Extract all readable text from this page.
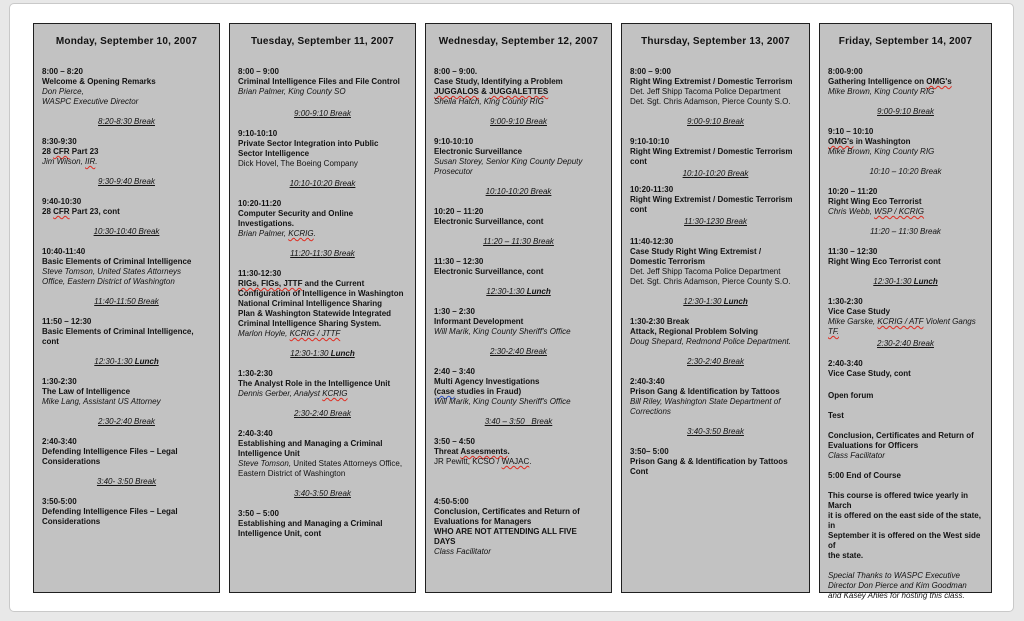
Monday, September 10, 2007
8:00 – 8:20
Welcome & Opening Remarks
Don Pierce,
WASPC Executive Director
8:20-8:30 Break
8:30-9:30
28 CFR Part 23
Jim Wilson, IIR.
9:30-9:40 Break
9:40-10:30
28 CFR Part 23, cont
10:30-10:40 Break
10:40-11:40
Basic Elements of Criminal Intelligence
Steve Tomson, United States Attorneys
Office, Eastern District of Washington
11:40-11:50 Break
11:50 – 12:30
Basic Elements of Criminal Intelligence,
cont
12:30-1:30 Lunch
1:30-2:30
The Law of Intelligence
Mike Lang, Assistant US Attorney
2:30-2:40 Break
2:40-3:40
Defending Intelligence Files – Legal
Considerations
3:40- 3:50 Break
3:50-5:00
Defending Intelligence Files – Legal
Considerations
Tuesday, September 11, 2007
8:00 – 9:00
Criminal Intelligence Files and File Control
Brian Palmer, King County SO
9:00-9:10 Break
9:10-10:10
Private Sector Integration into Public
Sector Intelligence
Dick Hovel, The Boeing Company
10:10-10:20 Break
10:20-11:20
Computer Security and Online
Investigations.
Brian Palmer, KCRIG.
11:20-11:30 Break
11:30-12:30
RIGs, FIGs, JTTF and the Current
Configuration of Intelligence in Washington
National Criminal Intelligence Sharing
Plan & Washington Statewide Integrated
Criminal Intelligence Sharing System.
Marlon Hoyle, KCRIG / JTTF
12:30-1:30 Lunch
1:30-2:30
The Analyst Role in the Intelligence Unit
Dennis Gerber, Analyst KCRIG
2:30-2:40 Break
2:40-3:40
Establishing and Managing a Criminal
Intelligence Unit
Steve Tomson, United States Attorneys Office,
Eastern District of Washington
3:40-3:50 Break
3:50 – 5:00
Establishing and Managing a Criminal
Intelligence Unit, cont
Wednesday, September 12, 2007
8:00 – 9:00.
Case Study, Identifying a Problem
JUGGALOS & JUGGALETTES
Sheila Hatch, King County RIG
9:00-9:10 Break
9:10-10:10
Electronic Surveillance
Susan Storey, Senior King County Deputy
Prosecutor
10:10-10:20 Break
10:20 – 11:20
Electronic Surveillance, cont
11:20 – 11:30 Break
11:30 – 12:30
Electronic Surveillance, cont
12:30-1:30 Lunch
1:30 – 2:30
Informant Development
Will Marik, King County Sheriff's Office
2:30-2:40 Break
2:40 – 3:40
Multi Agency Investigations
(case studies in Fraud)
Will Marik, King County Sheriff's Office
3:40 – 3:50   Break
3:50 – 4:50
Threat Assesments.
JR Pewitt, KCSO / WAJAC.
4:50-5:00
Conclusion, Certificates and Return of
Evaluations for Managers
WHO ARE NOT ATTENDING ALL FIVE
DAYS
Class Facilitator
Thursday, September 13, 2007
8:00 – 9:00
Right Wing Extremist / Domestic Terrorism
Det. Jeff Shipp Tacoma Police Department
Det. Sgt. Chris Adamson, Pierce County S.O.
9:00-9:10 Break
9:10-10:10
Right Wing Extremist / Domestic Terrorism
cont
10:10-10:20 Break
10:20-11:30
Right Wing Extremist / Domestic Terrorism
cont
11:30-1230 Break
11:40-12:30
Case Study Right Wing Extremist /
Domestic Terrorism
Det. Jeff Shipp Tacoma Police Department
Det. Sgt. Chris Adamson, Pierce County S.O.
12:30-1:30 Lunch
1:30-2:30 Break
Attack, Regional Problem Solving
Doug Shepard, Redmond Police Department.
2:30-2:40 Break
2:40-3:40
Prison Gang & Identification by Tattoos
Bill Riley, Washington State Department of
Corrections
3:40-3:50 Break
3:50– 5:00
Prison Gang & & Identification by Tattoos
Cont
Friday, September 14, 2007
8:00-9:00
Gathering Intelligence on OMG's
Mike Brown, King County RIG
9:00-9:10 Break
9:10 – 10:10
OMG's in Washington
Mike Brown, King County RIG
10:10 – 10:20 Break
10:20 – 11:20
Right Wing Eco Terrorist
Chris Webb, WSP / KCRIG
11:20 – 11:30 Break
11:30 – 12:30
Right Wing Eco Terrorist cont
12:30-1:30 Lunch
1:30-2:30
Vice Case Study
Mike Garske, KCRIG / ATF Violent Gangs
TF.
2:30-2:40 Break
2:40-3:40
Vice Case Study, cont
Open forum
Test
Conclusion, Certificates and Return of
Evaluations for Officers
Class Facilitator
5:00 End of Course
This course is offered twice yearly in March
it is offered on the east side of the state, in
September it is offered on the West side of
the state.
Special Thanks to WASPC Executive
Director Don Pierce and Kim Goodman
and Kasey Ahles for hosting this class.
